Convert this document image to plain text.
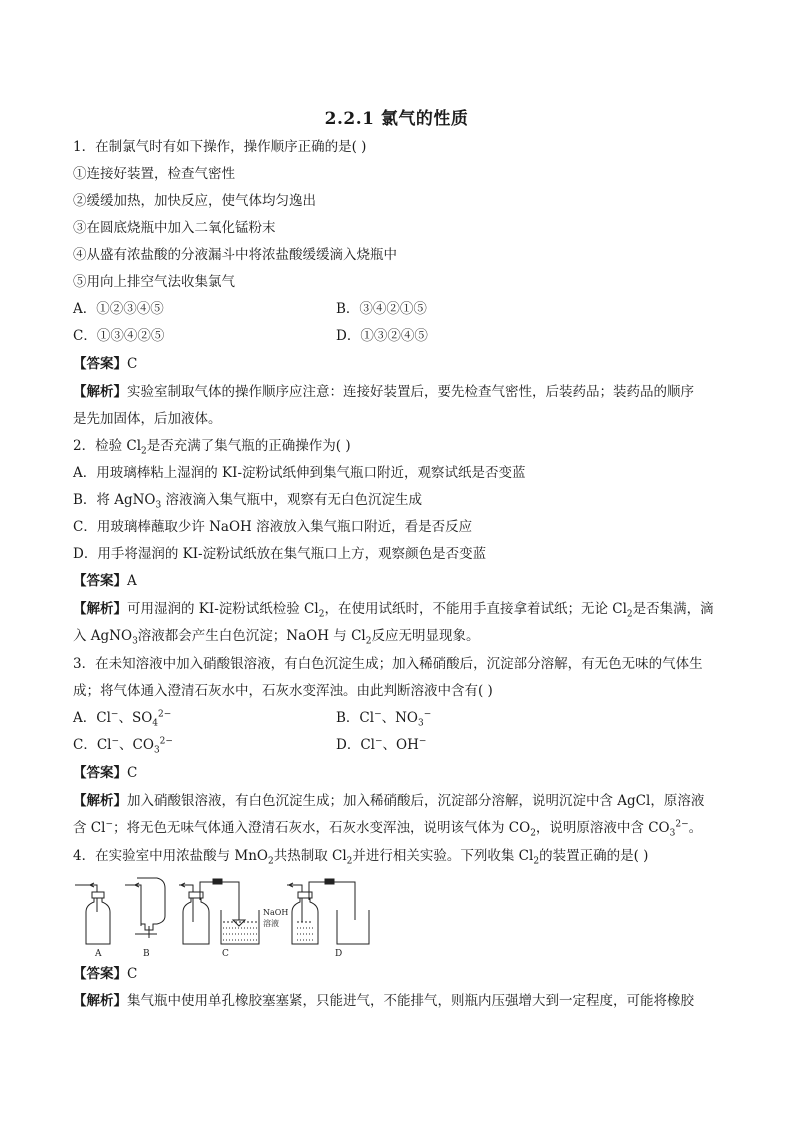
2.2.1 氯气的性质
1．在制氯气时有如下操作，操作顺序正确的是( )
①连接好装置，检查气密性
②缓缓加热，加快反应，使气体均匀逸出
③在圆底烧瓶中加入二氧化锰粉末
④从盛有浓盐酸的分液漏斗中将浓盐酸缓缓滴入烧瓶中
⑤用向上排空气法收集氯气
A．①②③④⑤	B．③④②①⑤
C．①③④②⑤	D．①③②④⑤
【答案】C
【解析】实验室制取气体的操作顺序应注意：连接好装置后，要先检查气密性，后装药品；装药品的顺序
是先加固体，后加液体。
2．检验 $Cl_2$是否充满了集气瓶的正确操作为( )
A．用玻璃棒粘上湿润的 KI-淀粉试纸伸到集气瓶口附近，观察试纸是否变蓝
B．将 AgNO$_3$ 溶液滴入集气瓶中，观察有无白色沉淀生成
C．用玻璃棒蘸取少许 NaOH 溶液放入集气瓶口附近，看是否反应
D．用手将湿润的 KI-淀粉试纸放在集气瓶口上方，观察颜色是否变蓝
【答案】A
【解析】可用湿润的 KI-淀粉试纸检验 $Cl_2$，在使用试纸时，不能用手直接拿着试纸；无论 $Cl_2$是否集满，滴
入 AgNO$_3$溶液都会产生白色沉淀；NaOH 与 $Cl_2$反应无明显现象。
3．在未知溶液中加入硝酸银溶液，有白色沉淀生成；加入稀硝酸后，沉淀部分溶解，有无色无味的气体生
成；将气体通入澄清石灰水中，石灰水变浑浊。由此判断溶液中含有( )
A．Cl−、$SO_4^{2-}$	B．Cl−、$NO_3^-$
C．Cl−、$CO_3^{2-}$	D．Cl−、OH−
【答案】C
【解析】加入硝酸银溶液，有白色沉淀生成；加入稀硝酸后，沉淀部分溶解，说明沉淀中含 AgCl，原溶液
含 Cl−；将无色无味气体通入澄清石灰水，石灰水变浑浊，说明该气体为 $CO_2$，说明原溶液中含 $CO_3^{2-}$。
4．在实验室中用浓盐酸与 MnO$_2$共热制取 $Cl_2$并进行相关实验。下列收集 $Cl_2$的装置正确的是( )
A	B
NaOH
溶液
C	D
【答案】C
【解析】集气瓶中使用单孔橡胶塞塞紧，只能进气，不能排气，则瓶内压强增大到一定程度，可能将橡胶
